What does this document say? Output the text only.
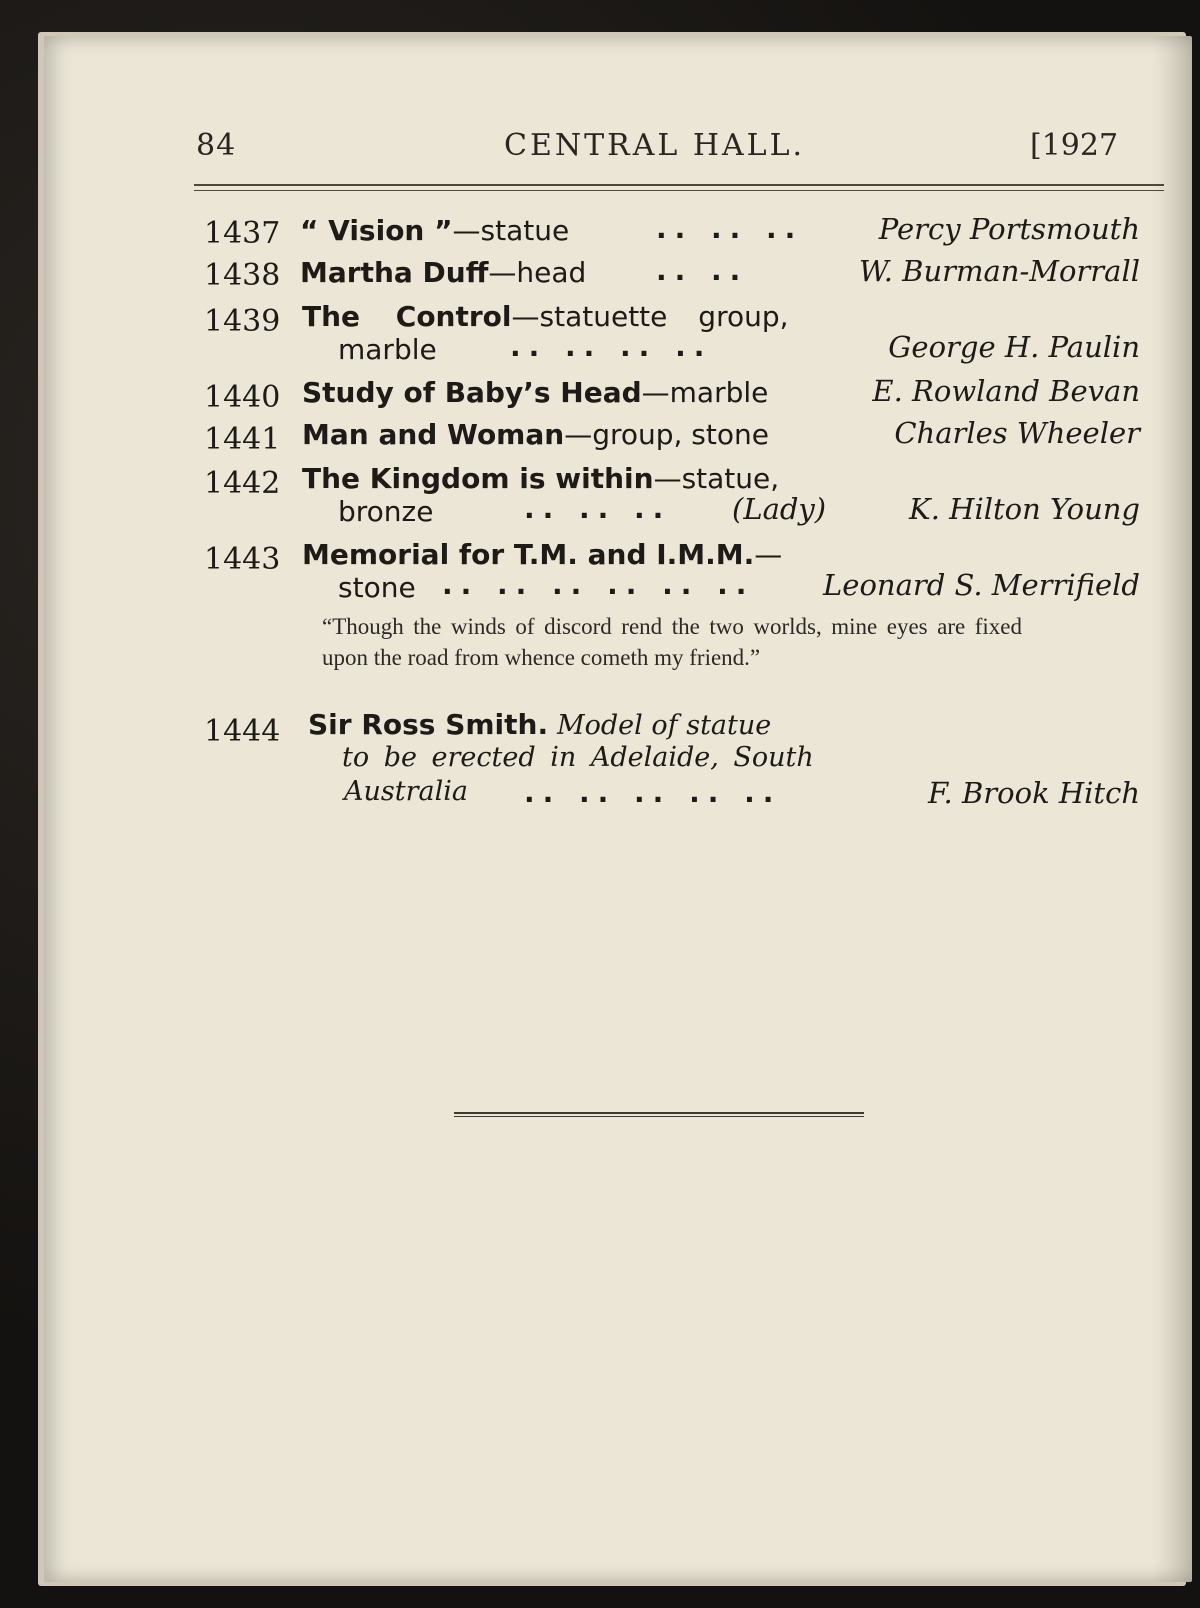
84	CENTRAL HALL.	[1927
1437 “ Vision ”—statue	.. .. ..	Percy Portsmouth
1438 Martha Duff—head .. ..	W. Burman-Morrall
1439 The Control—statuette group,
marble	.. .. .. ..	George H. Paulin
1440 Study of Baby’s Head—marble	E. Rowland Bevan
1441 Man and Woman—group, stone	Charles Wheeler
1442 The Kingdom is within—statue,
bronze	.. .. .. (Lady)	K. Hilton Young
1443 Memorial for T.M. and I.M.M.—
stone .. .. .. .. .. .. Leonard S. Merrifield
“Though the winds of discord rend the two worlds, mine eyes are fixed upon the road from whence cometh my friend.”
1444 Sir Ross Smith. Model of statue
to be erected in Adelaide, South
Australia .. .. .. .. ..	F. Brook Hitch
